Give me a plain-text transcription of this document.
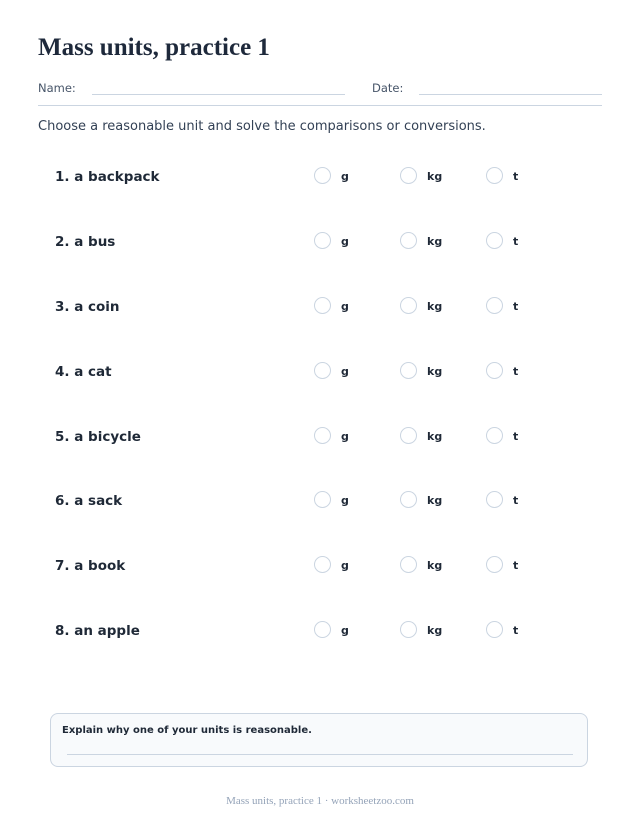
Mass units, practice 1
Name:	Date:

Choose a reasonable unit and solve the comparisons or conversions.

1. a backpack	g	kg	t
2. a bus	g	kg	t
3. a coin	g	kg	t
4. a cat	g	kg	t
5. a bicycle	g	kg	t
6. a sack	g	kg	t
7. a book	g	kg	t
8. an apple	g	kg	t
Explain why one of your units is reasonable.
Mass units, practice 1 · worksheetzoo.com
